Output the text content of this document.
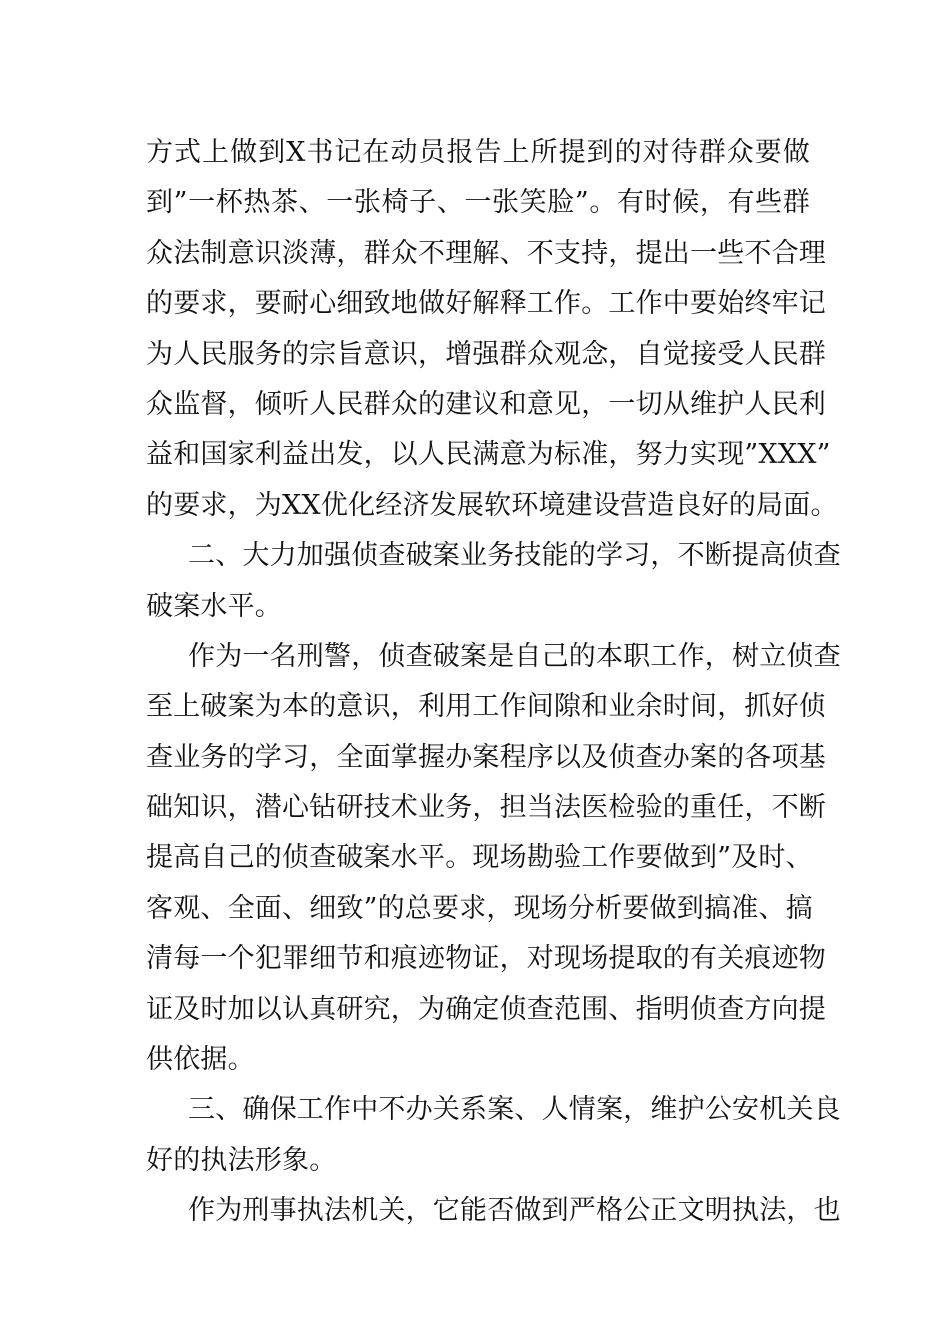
方式上做到X书记在动员报告上所提到的对待群众要做
到”一杯热茶、一张椅子、一张笑脸”。有时候，有些群
众法制意识淡薄，群众不理解、不支持，提出一些不合理
的要求，要耐心细致地做好解释工作。工作中要始终牢记
为人民服务的宗旨意识，增强群众观念，自觉接受人民群
众监督，倾听人民群众的建议和意见，一切从维护人民利
益和国家利益出发，以人民满意为标准，努力实现”XXX”
的要求，为XX优化经济发展软环境建设营造良好的局面。
二、大力加强侦查破案业务技能的学习，不断提高侦查
破案水平。
作为一名刑警，侦查破案是自己的本职工作，树立侦查
至上破案为本的意识，利用工作间隙和业余时间，抓好侦
查业务的学习，全面掌握办案程序以及侦查办案的各项基
础知识，潜心钻研技术业务，担当法医检验的重任，不断
提高自己的侦查破案水平。现场勘验工作要做到”及时、
客观、全面、细致”的总要求，现场分析要做到搞准、搞
清每一个犯罪细节和痕迹物证，对现场提取的有关痕迹物
证及时加以认真研究，为确定侦查范围、指明侦查方向提
供依据。
三、确保工作中不办关系案、人情案，维护公安机关良
好的执法形象。
作为刑事执法机关，它能否做到严格公正文明执法，也
